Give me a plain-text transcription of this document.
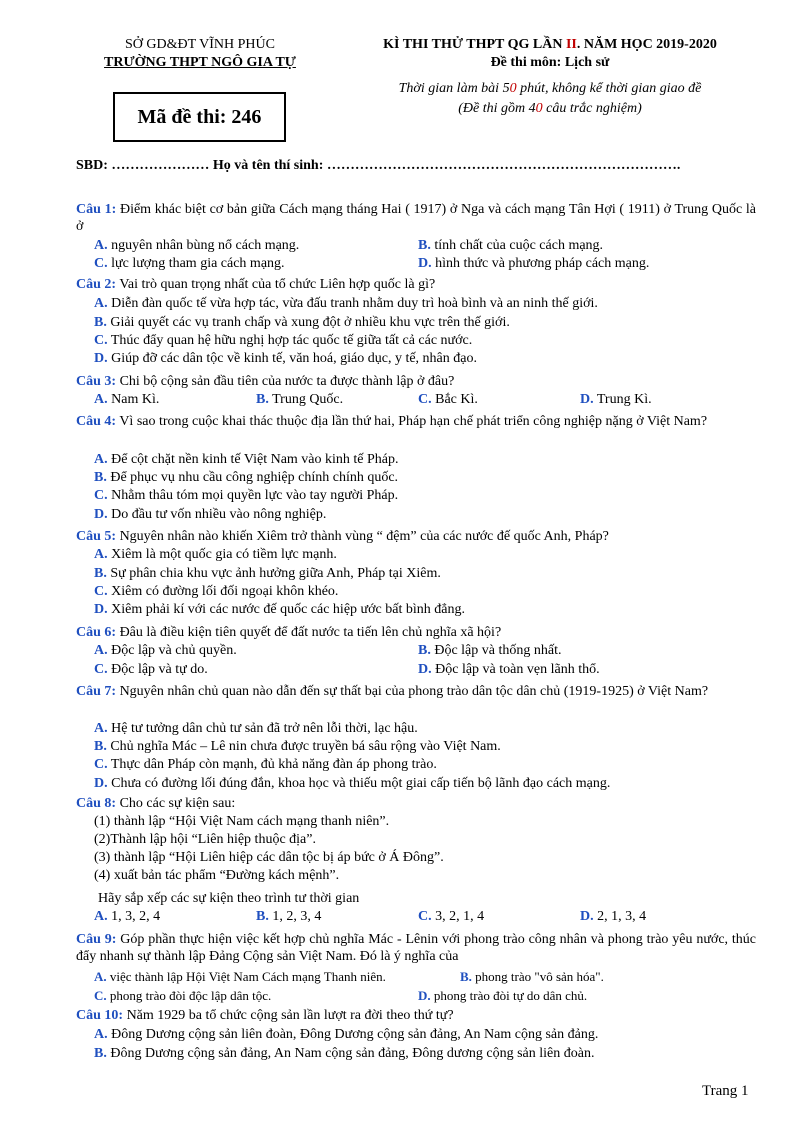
SỞ GD&ĐT VĨNH PHÚC
TRƯỜNG THPT NGÔ GIA TỰ
Mã đề thi: 246
KÌ THI THỬ THPT QG LẦN II. NĂM HỌC 2019-2020
Đề thi môn: Lịch sử
Thời gian làm bài 50 phút, không kể thời gian giao đề
(Đề thi gồm 40 câu trắc nghiệm)
SBD: ………………… Họ và tên thí sinh: ………………………………………………………………….
Câu 1: Điểm khác biệt cơ bản giữa Cách mạng tháng Hai ( 1917) ở Nga và cách mạng Tân Hợi ( 1911) ở Trung Quốc là ở
A. nguyên nhân bùng nổ cách mạng.	B. tính chất của cuộc cách mạng.
C. lực lượng tham gia cách mạng.	D. hình thức và phương pháp cách mạng.
Câu 2: Vai trò quan trọng nhất của tổ chức Liên hợp quốc là gì?
A. Diễn đàn quốc tế vừa hợp tác, vừa đấu tranh nhằm duy trì hoà bình và an ninh thế giới.
B. Giải quyết các vụ tranh chấp và xung đột ở nhiều khu vực trên thế giới.
C. Thúc đẩy quan hệ hữu nghị hợp tác quốc tế giữa tất cả các nước.
D. Giúp đỡ các dân tộc về kinh tế, văn hoá, giáo dục, y tế, nhân đạo.
Câu 3: Chi bộ cộng sản đầu tiên của nước ta được thành lập ở đâu?
A. Nam Kì.	B. Trung Quốc.	C. Bắc Kì.	D. Trung Kì.
Câu 4: Vì sao trong cuộc khai thác thuộc địa lần thứ hai, Pháp hạn chế phát triển công nghiệp nặng ở Việt Nam?
A. Để cột chặt nền kinh tế Việt Nam vào kinh tế Pháp.
B. Để phục vụ nhu cầu công nghiệp chính chính quốc.
C. Nhằm thâu tóm mọi quyền lực vào tay người Pháp.
D. Do đầu tư vốn nhiều vào nông nghiệp.
Câu 5: Nguyên nhân nào khiến Xiêm trở thành vùng “ đệm” của các nước đế quốc Anh, Pháp?
A. Xiêm là một quốc gia có tiềm lực mạnh.
B. Sự phân chia khu vực ảnh hưởng giữa Anh, Pháp tại Xiêm.
C. Xiêm có đường lối đối ngoại khôn khéo.
D. Xiêm phải kí với các nước đế quốc các hiệp ước bất bình đẳng.
Câu 6: Đâu là điều kiện tiên quyết để đất nước ta tiến lên chủ nghĩa xã hội?
A. Độc lập và chủ quyền.	B. Độc lập và thống nhất.
C. Độc lập và tự do.	D. Độc lập và toàn vẹn lãnh thổ.
Câu 7: Nguyên nhân chủ quan nào dẫn đến sự thất bại của phong trào dân tộc dân chủ (1919-1925) ở Việt Nam?
A. Hệ tư tưởng dân chủ tư sản đã trở nên lỗi thời, lạc hậu.
B. Chủ nghĩa Mác – Lê nin chưa được truyền bá sâu rộng vào Việt Nam.
C. Thực dân Pháp còn mạnh, đủ khả năng đàn áp phong trào.
D. Chưa có đường lối đúng đắn, khoa học và thiếu một giai cấp tiến bộ lãnh đạo cách mạng.
Câu 8: Cho các sự kiện sau:
(1) thành lập “Hội Việt Nam cách mạng thanh niên”.
(2)Thành lập hội “Liên hiệp thuộc địa”.
(3) thành lập “Hội Liên hiệp các dân tộc bị áp bức ở Á Đông”.
(4) xuất bản tác phẩm “Đường kách mệnh”.
Hãy sắp xếp các sự kiện theo trình tư thời gian
A. 1, 3, 2, 4	B. 1, 2, 3, 4	C. 3, 2, 1, 4	D. 2, 1, 3, 4
Câu 9: Góp phần thực hiện việc kết hợp chủ nghĩa Mác - Lênin với phong trào công nhân và phong trào yêu nước, thúc đẩy nhanh sự thành lập Đảng Cộng sản Việt Nam. Đó là ý nghĩa của
A. việc thành lập Hội Việt Nam Cách mạng Thanh niên.	B. phong trào "vô sản hóa".
C. phong trào đòi độc lập dân tộc.	D. phong trào đòi tự do dân chủ.
Câu 10: Năm 1929 ba tổ chức cộng sản lần lượt ra đời theo thứ tự?
A. Đông Dương cộng sản liên đoàn, Đông Dương cộng sản đảng, An Nam cộng sản đảng.
B. Đông Dương cộng sản đảng, An Nam cộng sản đảng, Đông dương cộng sản liên đoàn.
Trang 1
